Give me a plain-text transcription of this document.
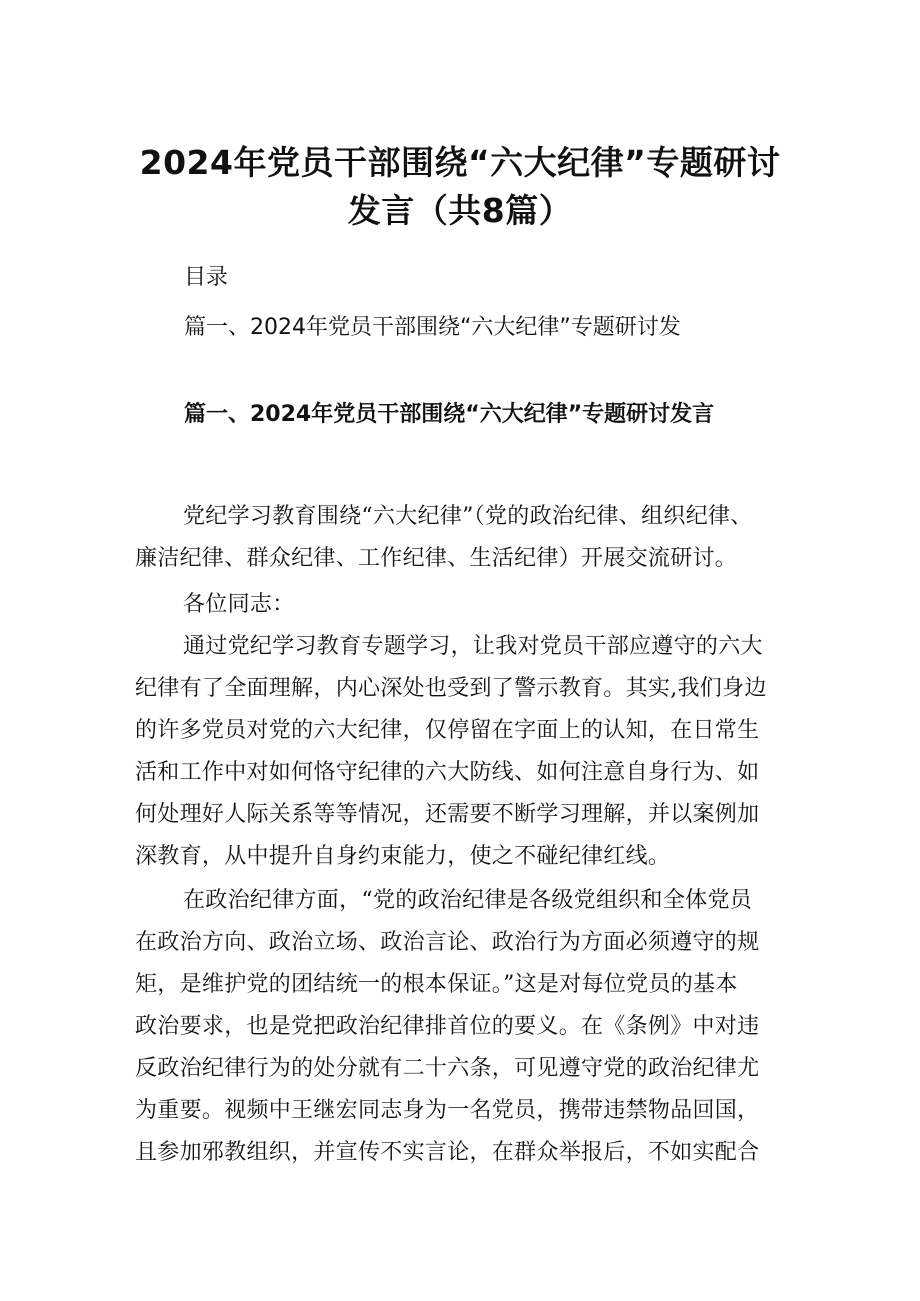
2024年党员干部围绕“六大纪律”专题研讨
发言（共8篇）
目录
篇一、2024年党员干部围绕“六大纪律”专题研讨发
篇一、2024年党员干部围绕“六大纪律”专题研讨发言

党纪学习教育围绕“六大纪律”（党的政治纪律、组织纪律、
廉洁纪律、群众纪律、工作纪律、生活纪律）开展交流研讨。

各位同志：

通过党纪学习教育专题学习，让我对党员干部应遵守的六大
纪律有了全面理解，内心深处也受到了警示教育。其实,我们身边
的许多党员对党的六大纪律，仅停留在字面上的认知，在日常生
活和工作中对如何恪守纪律的六大防线、如何注意自身行为、如
何处理好人际关系等等情况，还需要不断学习理解，并以案例加
深教育，从中提升自身约束能力，使之不碰纪律红线。

在政治纪律方面，“党的政治纪律是各级党组织和全体党员
在政治方向、政治立场、政治言论、政治行为方面必须遵守的规
矩，是维护党的团结统一的根本保证。”这是对每位党员的基本
政治要求，也是党把政治纪律排首位的要义。在《条例》中对违
反政治纪律行为的处分就有二十六条，可见遵守党的政治纪律尤
为重要。视频中王继宏同志身为一名党员，携带违禁物品回国，
且参加邪教组织，并宣传不实言论，在群众举报后，不如实配合
